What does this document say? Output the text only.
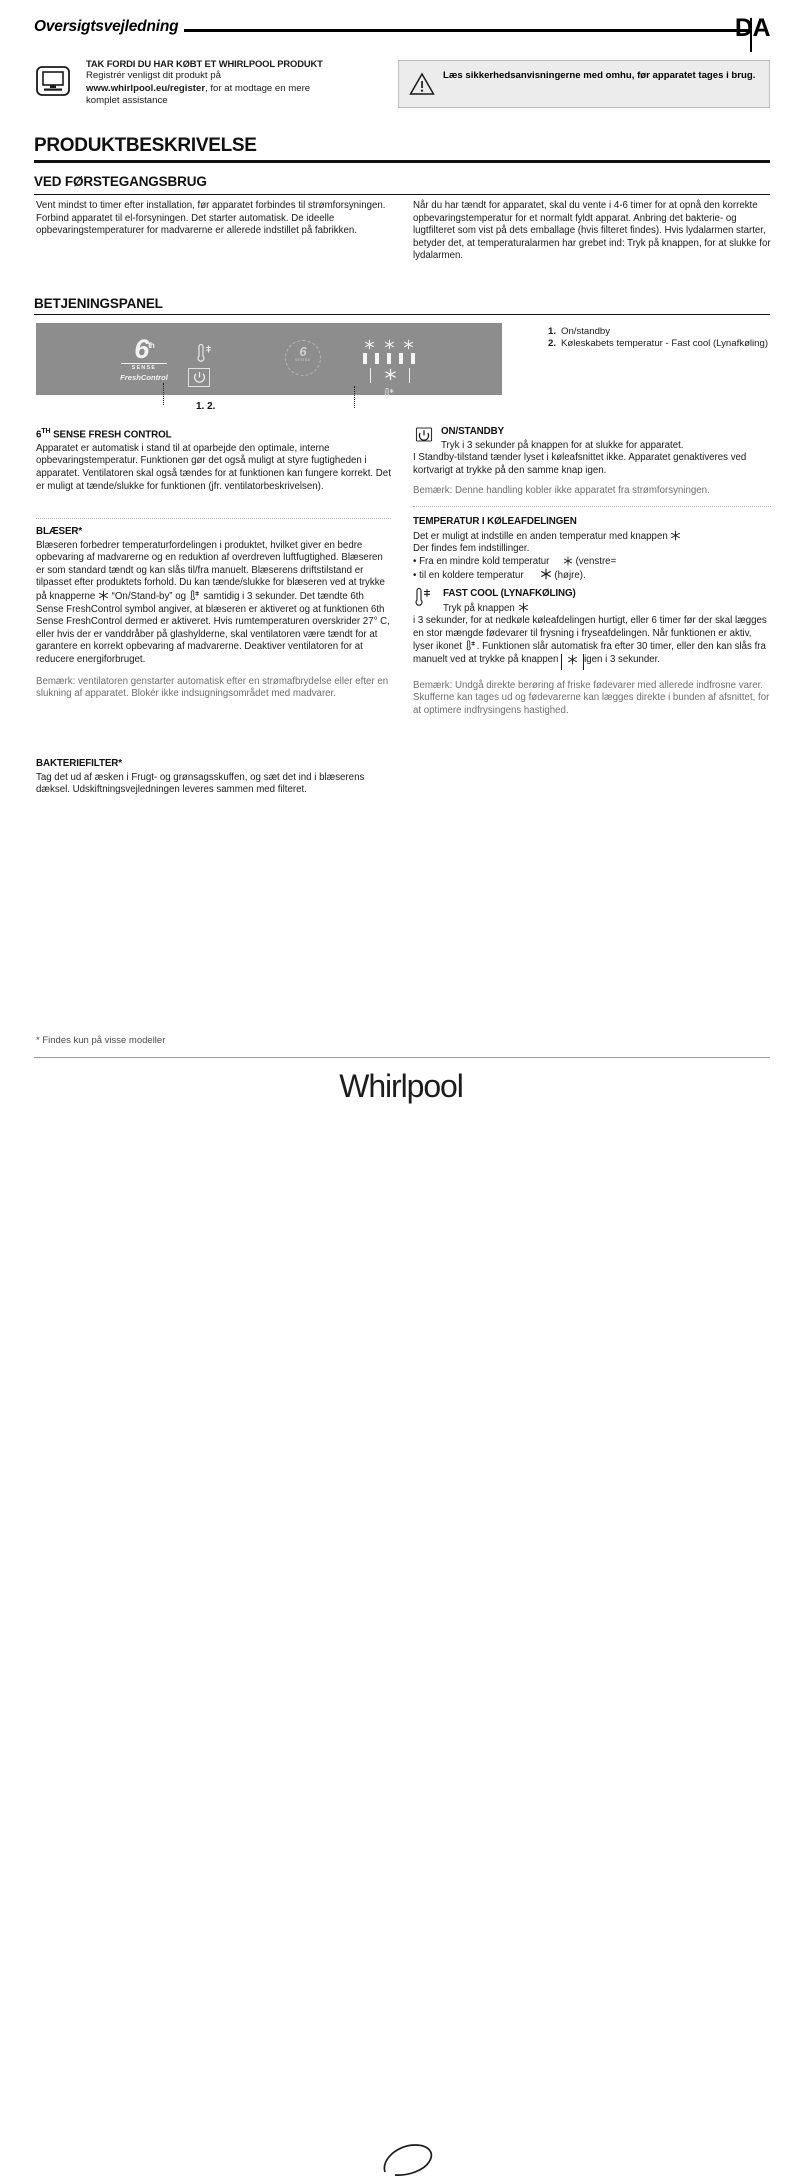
Oversigtsvejledning	DA
TAK FORDI DU HAR KØBT ET WHIRLPOOL PRODUKT
Registrér venligst dit produkt på
www.whirlpool.eu/register, for at modtage en mere
komplet assistance
Læs sikkerhedsanvisningerne med omhu, før apparatet tages i brug.
PRODUKTBESKRIVELSE
VED FØRSTEGANGSBRUG

Vent mindst to timer efter installation, før apparatet forbindes til strømforsyningen. Forbind apparatet til el-forsyningen. Det starter automatisk. De ideelle opbevaringstemperaturer for madvarerne er allerede indstillet på fabrikken.

Når du har tændt for apparatet, skal du vente i 4-6 timer for at opnå den korrekte opbevaringstemperatur for et normalt fyldt apparat. Anbring det bakterie- og lugtfilteret som vist på dets emballage (hvis filteret findes). Hvis lydalarmen starter, betyder det, at temperaturalarmen har grebet ind: Tryk på knappen, for at slukke for lydalarmen.

BETJENINGSPANEL
6th
SENSE
FreshControl
6
SENSE
1. 2.
1. On/standby
2. Køleskabets temperatur - Fast cool (Lynafkøling)
6TH SENSE FRESH CONTROL

Apparatet er automatisk i stand til at oparbejde den optimale, interne opbevaringstemperatur. Funktionen gør det også muligt at styre fugtigheden i apparatet. Ventilatoren skal også tændes for at funktionen kan fungere korrekt. Det er muligt at tænde/slukke for funktionen (jfr. ventilatorbeskrivelsen).

BLÆSER*

Blæseren forbedrer temperaturfordelingen i produktet, hvilket giver en bedre opbevaring af madvarerne og en reduktion af overdreven luftfugtighed. Blæseren er som standard tændt og kan slås til/fra manuelt. Blæserens driftstilstand er tilpasset efter produktets forhold. Du kan tænde/slukke for blæseren ved at trykke på knapperne “On/Stand-by” og samtidig i 3 sekunder. Det tændte 6th Sense FreshControl symbol angiver, at blæseren er aktiveret og at funktionen 6th Sense FreshControl dermed er aktiveret. Hvis rumtemperaturen overskrider 27° C, eller hvis der er vanddråber på glashylderne, skal ventilatoren være tændt for at garantere en korrekt opbevaring af madvarerne. Deaktiver ventilatoren for at reducere energiforbruget.

Bemærk: ventilatoren genstarter automatisk efter en strømafbrydelse eller efter en slukning af apparatet. Blokér ikke indsugningsområdet med madvarer.

BAKTERIEFILTER*

Tag det ud af æsken i Frugt- og grønsagsskuffen, og sæt det ind i blæserens dæksel. Udskiftningsvejledningen leveres sammen med filteret.

ON/STANDBY

Tryk i 3 sekunder på knappen for at slukke for apparatet.

I Standby-tilstand tænder lyset i køleafsnittet ikke. Apparatet genaktiveres ved kortvarigt at trykke på den samme knap igen.

Bemærk: Denne handling kobler ikke apparatet fra strømforsyningen.

TEMPERATUR I KØLEAFDELINGEN

Det er muligt at indstille en anden temperatur med knappen

Der findes fem indstillinger.

• Fra en mindre kold temperatur	(venstre=

• til en koldere temperatur	(højre).

FAST COOL (LYNAFKØLING)

Tryk på knappen

i 3 sekunder, for at nedkøle køleafdelingen hurtigt, eller 6 timer før der skal lægges en stor mængde fødevarer til frysning i fryseafdelingen. Når funktionen er aktiv, lyser ikonet . Funktionen slår automatisk fra efter 30 timer, eller den kan slås fra manuelt ved at trykke på knappen	igen i 3 sekunder.

Bemærk: Undgå direkte berøring af friske fødevarer med allerede indfrosne varer. Skufferne kan tages ud og fødevarerne kan lægges direkte i bunden af afsnittet, for at optimere indfrysingens hastighed.

* Findes kun på visse modeller
Whirlpool
